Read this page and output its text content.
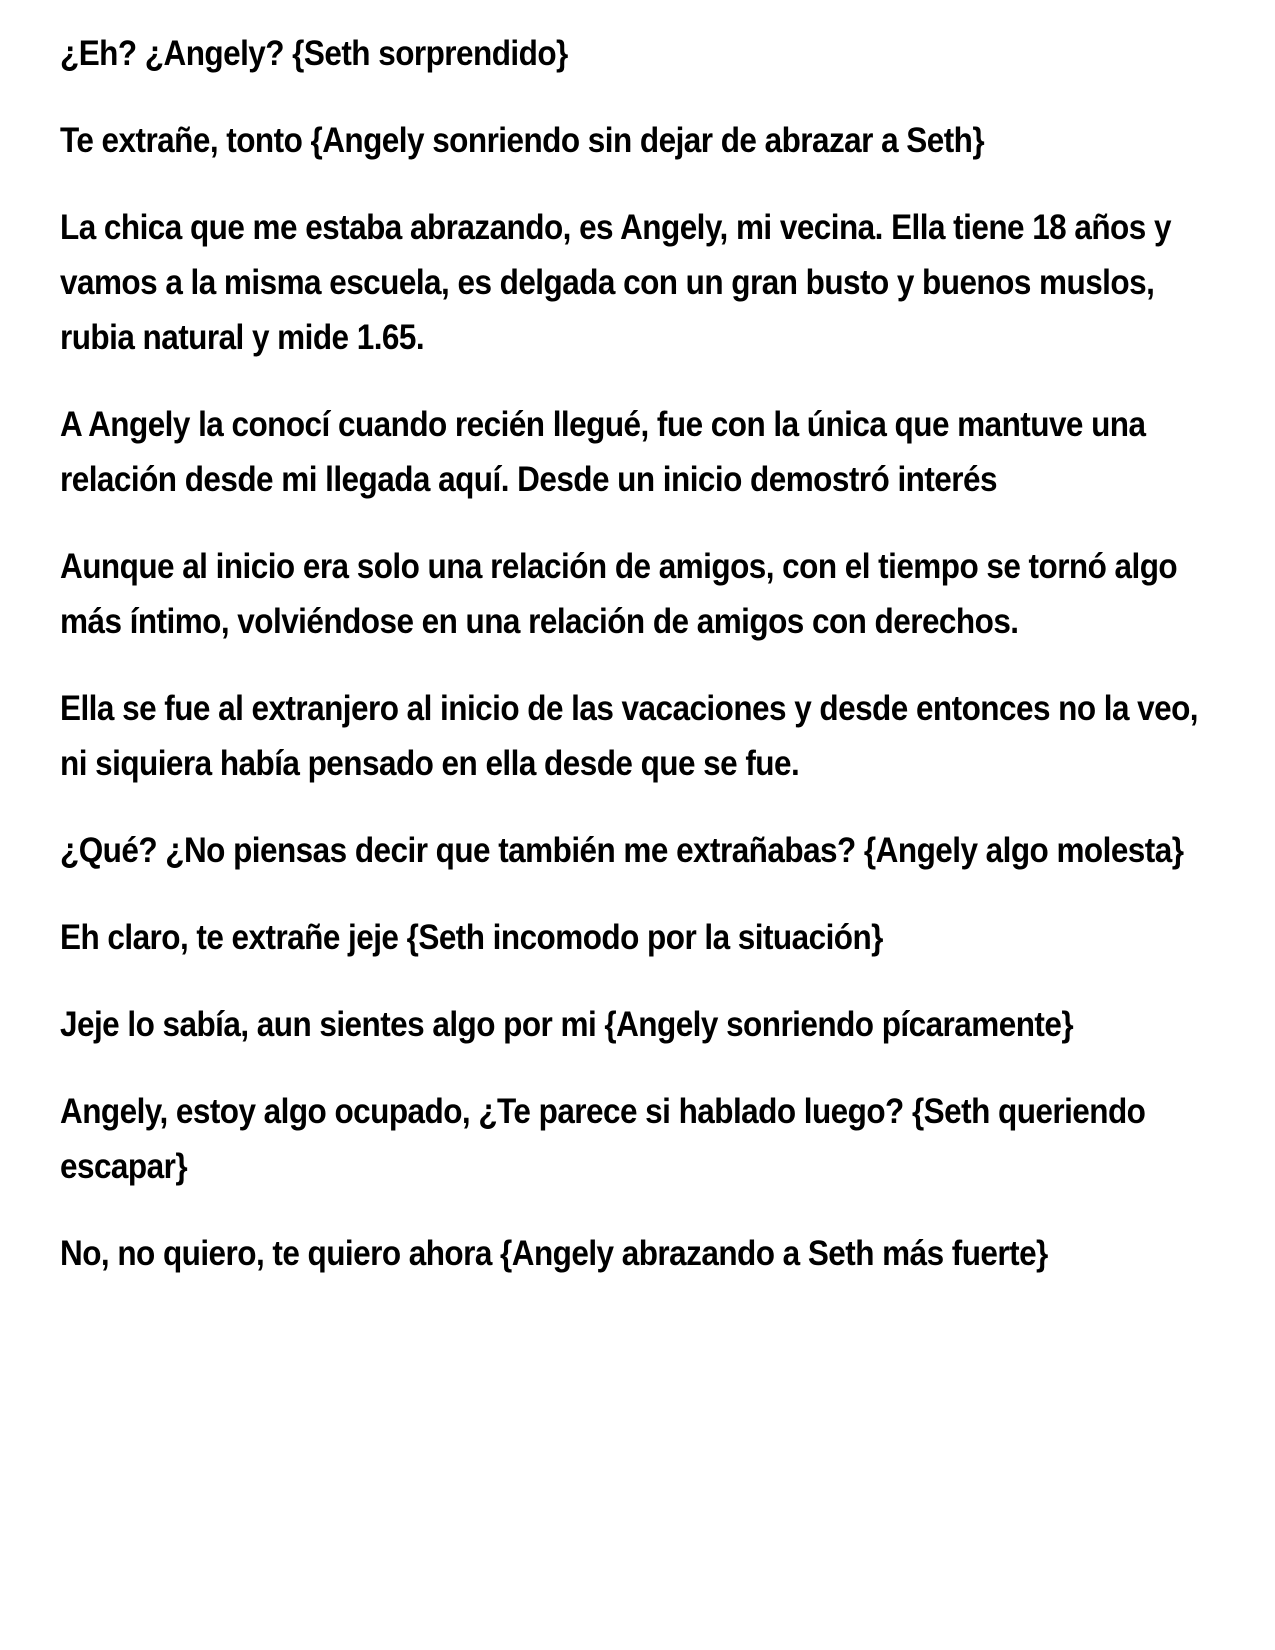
¿Eh? ¿Angely? {Seth sorprendido}

Te extrañe, tonto {Angely sonriendo sin dejar de abrazar a Seth}

La chica que me estaba abrazando, es Angely, mi vecina. Ella tiene 18 años y vamos a la misma escuela, es delgada con un gran busto y buenos muslos, rubia natural y mide 1.65.

A Angely la conocí cuando recién llegué, fue con la única que mantuve una relación desde mi llegada aquí. Desde un inicio demostró interés

Aunque al inicio era solo una relación de amigos, con el tiempo se tornó algo más íntimo, volviéndose en una relación de amigos con derechos.

Ella se fue al extranjero al inicio de las vacaciones y desde entonces no la veo, ni siquiera había pensado en ella desde que se fue.

¿Qué? ¿No piensas decir que también me extrañabas? {Angely algo molesta}

Eh claro, te extrañe jeje {Seth incomodo por la situación}

Jeje lo sabía, aun sientes algo por mi {Angely sonriendo pícaramente}

Angely, estoy algo ocupado, ¿Te parece si hablado luego? {Seth queriendo escapar}

No, no quiero, te quiero ahora {Angely abrazando a Seth más fuerte}
